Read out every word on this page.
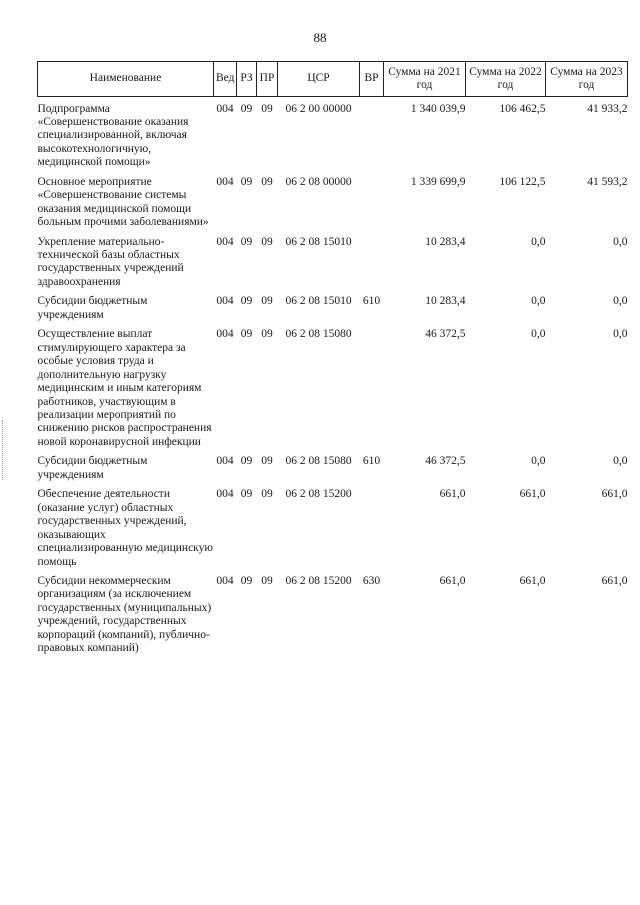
88
Наименование	Вед	РЗ	ПР	ЦСР	ВР	Сумма на 2021 год	Сумма на 2022 год	Сумма на 2023 год

Подпрограмма «Совершенствование оказания специализированной, включая высокотехнологичную, медицинской помощи»	004	09	09	06 2 00 00000		1 340 039,9	106 462,5	41 933,2

Основное мероприятие «Совершенствование системы оказания медицинской помощи больным прочими заболеваниями»	004	09	09	06 2 08 00000		1 339 699,9	106 122,5	41 593,2

Укрепление материально-технической базы областных государственных учреждений здравоохранения	004	09	09	06 2 08 15010		10 283,4	0,0	0,0

Субсидии бюджетным учреждениям	004	09	09	06 2 08 15010	610	10 283,4	0,0	0,0

Осуществление выплат стимулирующего характера за особые условия труда и дополнительную нагрузку медицинским и иным категориям работников, участвующим в реализации мероприятий по снижению рисков распространения новой коронавирусной инфекции	004	09	09	06 2 08 15080		46 372,5	0,0	0,0

Субсидии бюджетным учреждениям	004	09	09	06 2 08 15080	610	46 372,5	0,0	0,0

Обеспечение деятельности (оказание услуг) областных государственных учреждений, оказывающих специализированную медицинскую помощь	004	09	09	06 2 08 15200		661,0	661,0	661,0

Субсидии некоммерческим организациям (за исключением государственных (муниципальных) учреждений, государственных корпораций (компаний), публично-правовых компаний)	004	09	09	06 2 08 15200	630	661,0	661,0	661,0
